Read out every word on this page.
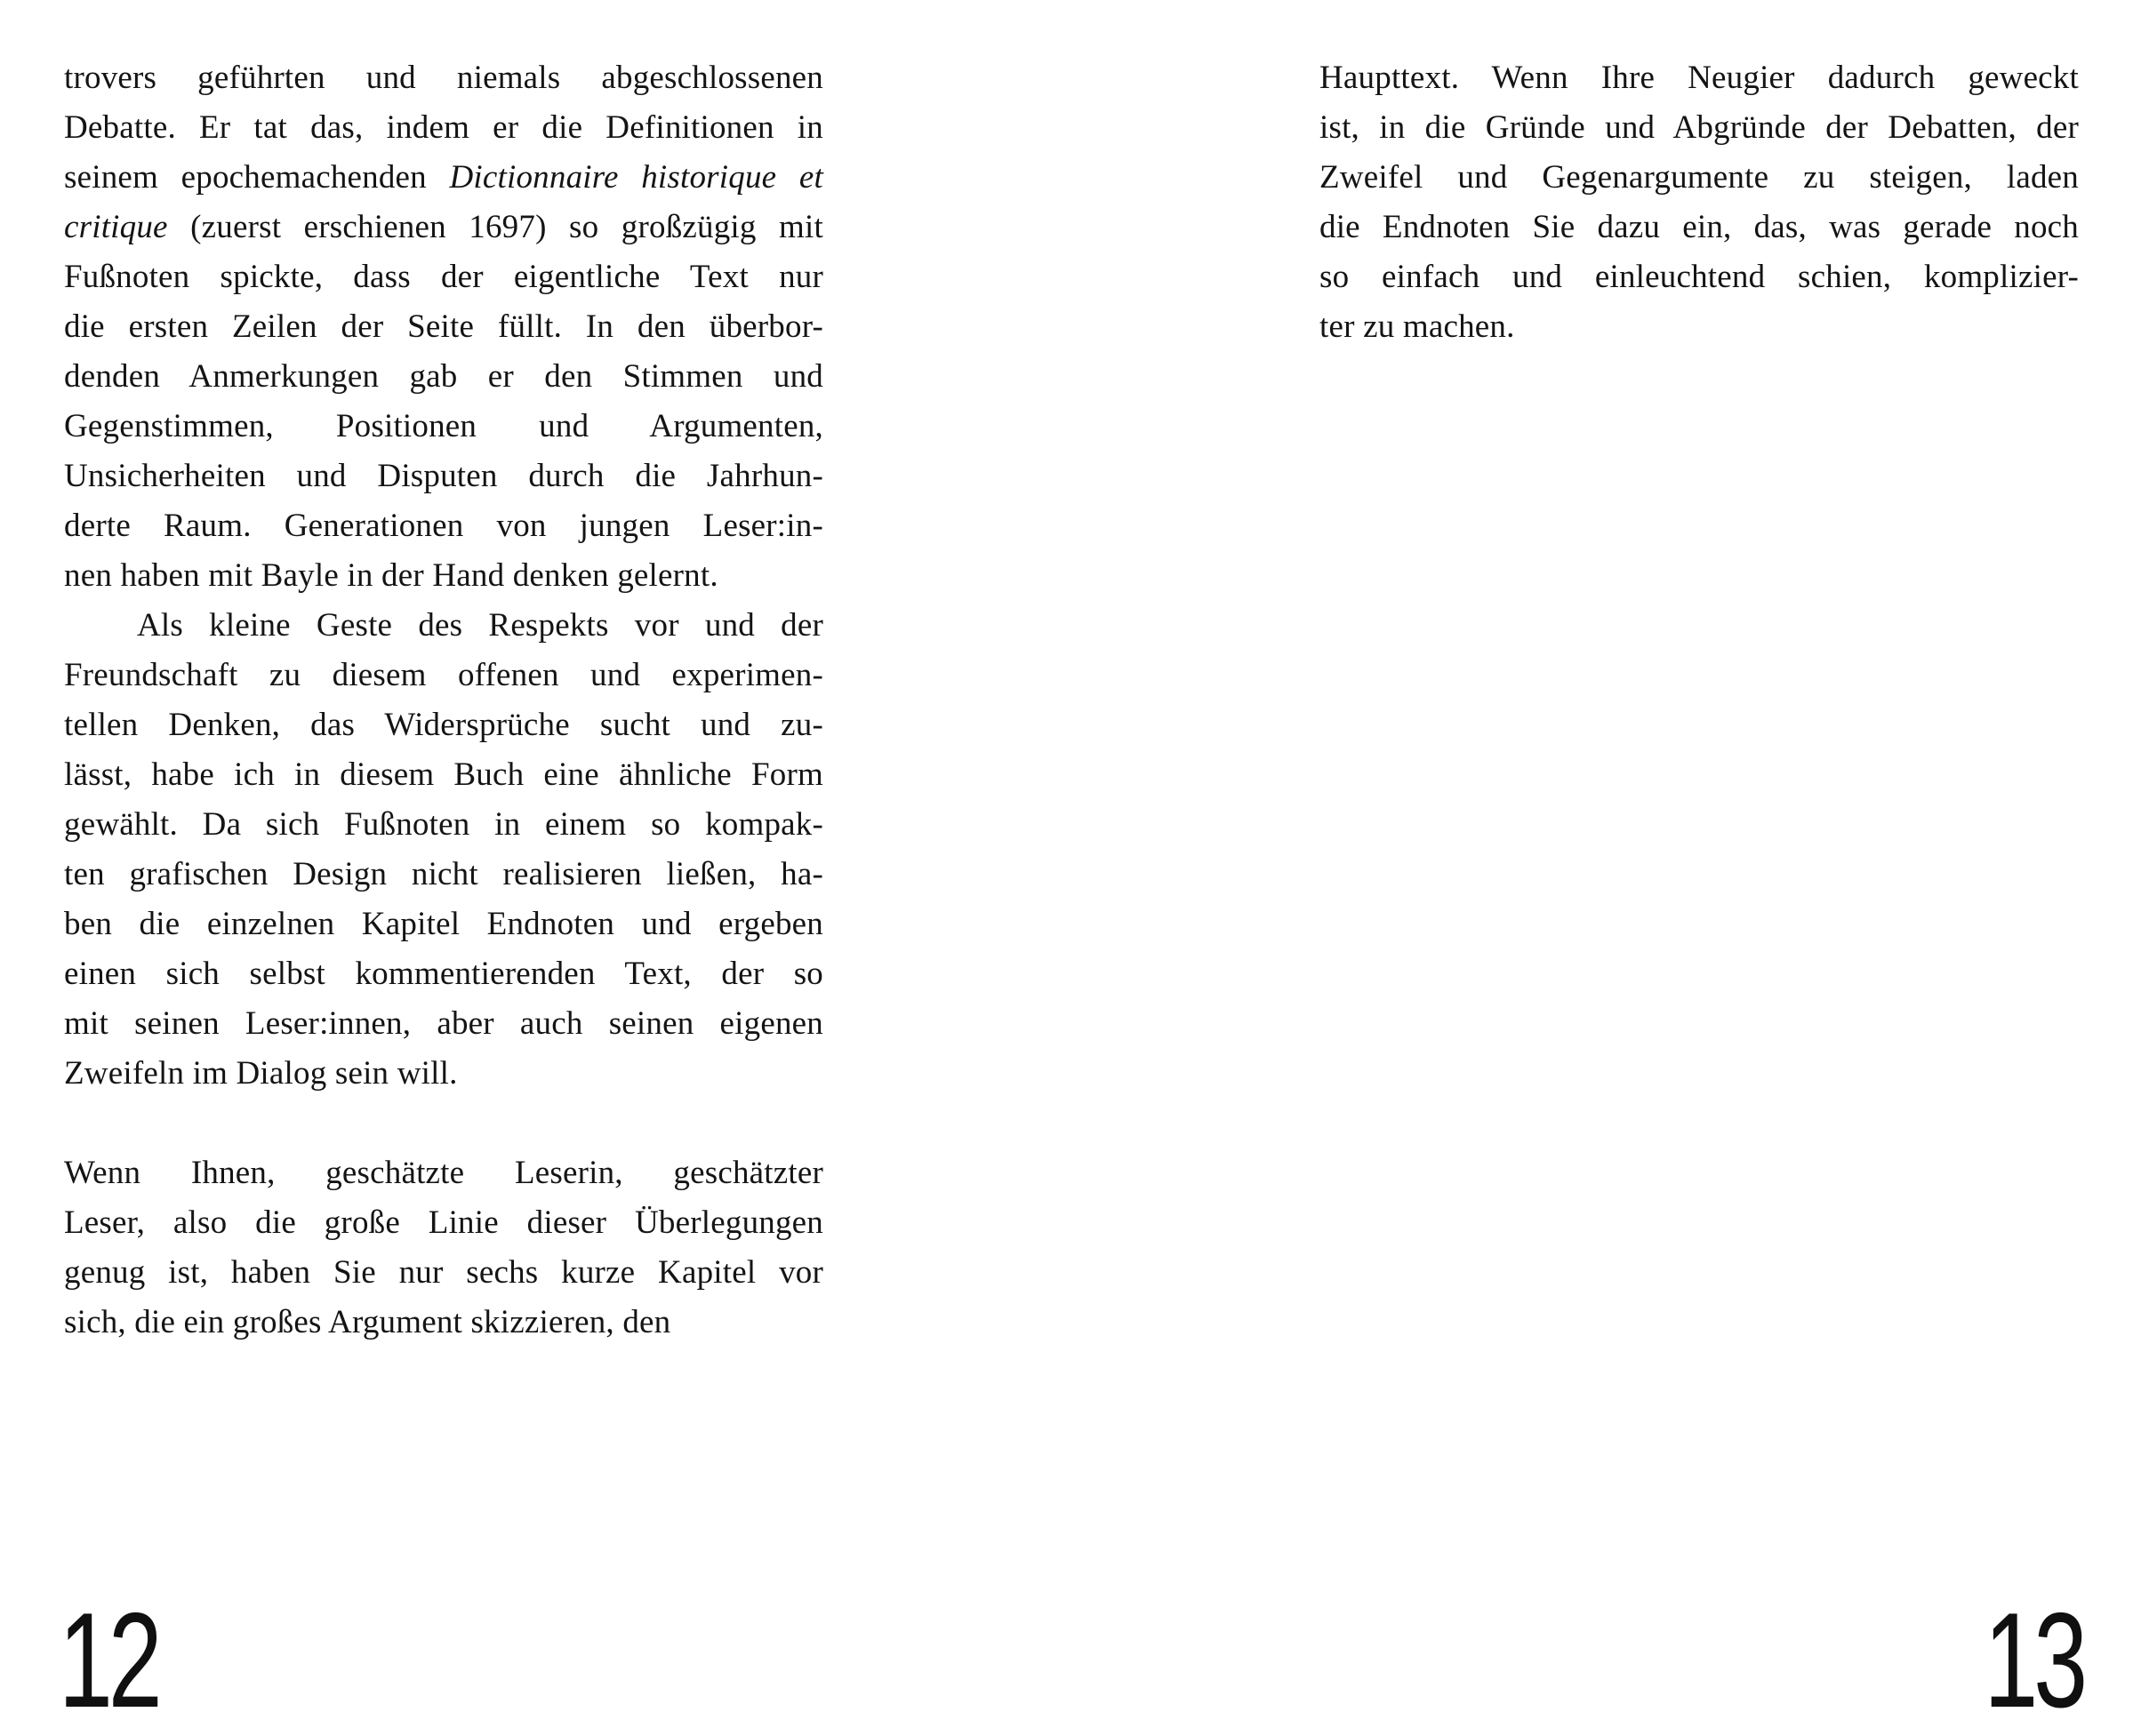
trovers geführten und niemals abgeschlossenen
Debatte. Er tat das, indem er die Definitionen in
seinem epochemachenden Dictionnaire historique et
critique (zuerst erschienen 1697) so großzügig mit
Fußnoten spickte, dass der eigentliche Text nur
die ersten Zeilen der Seite füllt. In den überbor-
denden Anmerkungen gab er den Stimmen und
Gegenstimmen, Positionen und Argumenten,
Unsicherheiten und Disputen durch die Jahrhun-
derte Raum. Generationen von jungen Leser:in-
nen haben mit Bayle in der Hand denken gelernt.
Als kleine Geste des Respekts vor und der
Freundschaft zu diesem offenen und experimen-
tellen Denken, das Widersprüche sucht und zu-
lässt, habe ich in diesem Buch eine ähnliche Form
gewählt. Da sich Fußnoten in einem so kompak-
ten grafischen Design nicht realisieren ließen, ha-
ben die einzelnen Kapitel Endnoten und ergeben
einen sich selbst kommentierenden Text, der so
mit seinen Leser:innen, aber auch seinen eigenen
Zweifeln im Dialog sein will.
Wenn Ihnen, geschätzte Leserin, geschätzter
Leser, also die große Linie dieser Überlegungen
genug ist, haben Sie nur sechs kurze Kapitel vor
sich, die ein großes Argument skizzieren, den
12
Haupttext. Wenn Ihre Neugier dadurch geweckt
ist, in die Gründe und Abgründe der Debatten, der
Zweifel und Gegenargumente zu steigen, laden
die Endnoten Sie dazu ein, das, was gerade noch
so einfach und einleuchtend schien, komplizier-
ter zu machen.
13
